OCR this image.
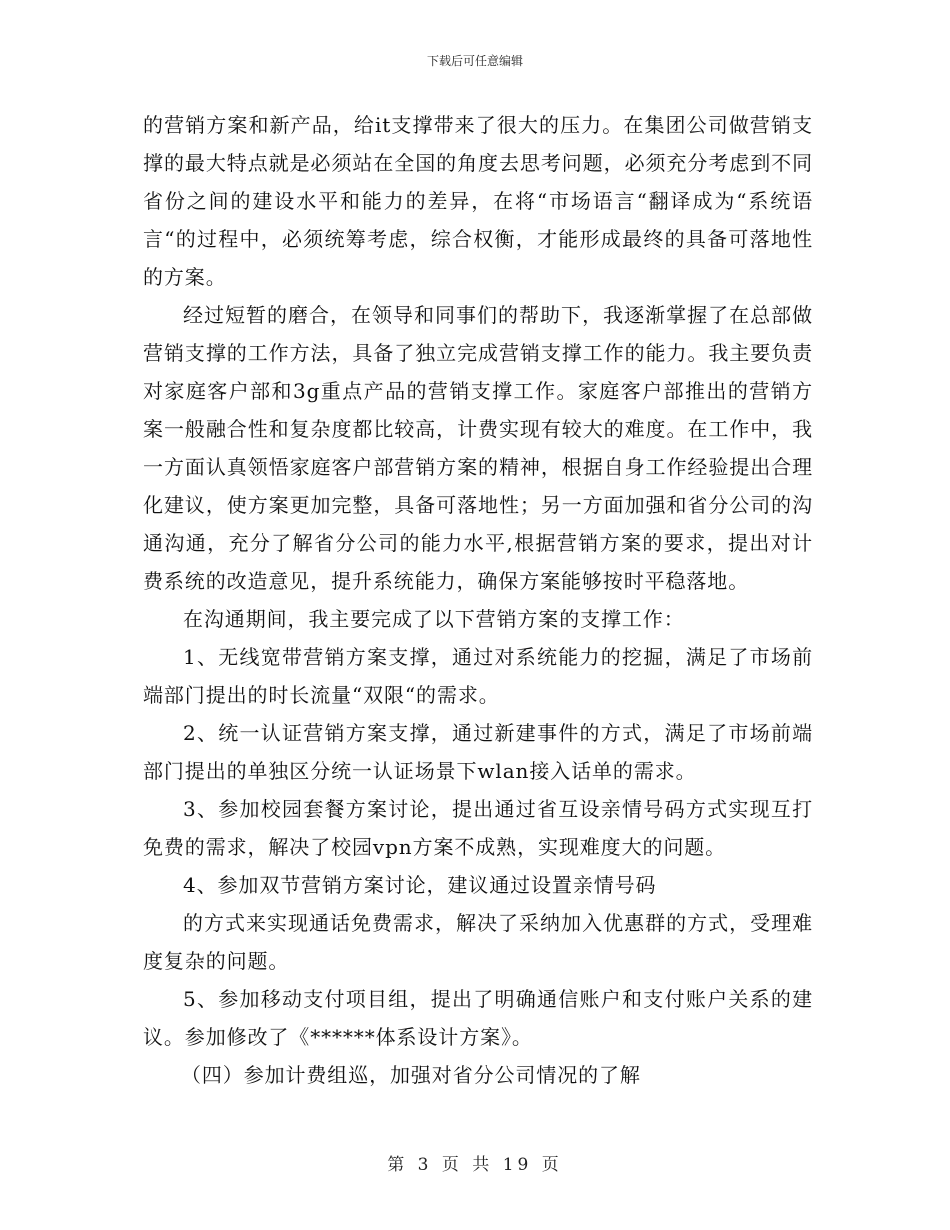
下载后可任意编辑

的营销方案和新产品，给it支撑带来了很大的压力。在集团公司做营销支撑的最大特点就是必须站在全国的角度去思考问题，必须充分考虑到不同省份之间的建设水平和能力的差异，在将“市场语言“翻译成为“系统语言“的过程中，必须统筹考虑，综合权衡，才能形成最终的具备可落地性的方案。

经过短暂的磨合，在领导和同事们的帮助下，我逐渐掌握了在总部做营销支撑的工作方法，具备了独立完成营销支撑工作的能力。我主要负责对家庭客户部和3g重点产品的营销支撑工作。家庭客户部推出的营销方案一般融合性和复杂度都比较高，计费实现有较大的难度。在工作中，我一方面认真领悟家庭客户部营销方案的精神，根据自身工作经验提出合理化建议，使方案更加完整，具备可落地性；另一方面加强和省分公司的沟通沟通，充分了解省分公司的能力水平,根据营销方案的要求，提出对计费系统的改造意见，提升系统能力，确保方案能够按时平稳落地。

在沟通期间，我主要完成了以下营销方案的支撑工作：

1、无线宽带营销方案支撑，通过对系统能力的挖掘，满足了市场前端部门提出的时长流量“双限“的需求。

2、统一认证营销方案支撑，通过新建事件的方式，满足了市场前端部门提出的单独区分统一认证场景下wlan接入话单的需求。

3、参加校园套餐方案讨论，提出通过省互设亲情号码方式实现互打免费的需求，解决了校园vpn方案不成熟，实现难度大的问题。

4、参加双节营销方案讨论，建议通过设置亲情号码

的方式来实现通话免费需求，解决了采纳加入优惠群的方式，受理难度复杂的问题。

5、参加移动支付项目组，提出了明确通信账户和支付账户关系的建议。参加修改了《******体系设计方案》。

（四）参加计费组巡，加强对省分公司情况的了解

第 3 页 共 19 页
